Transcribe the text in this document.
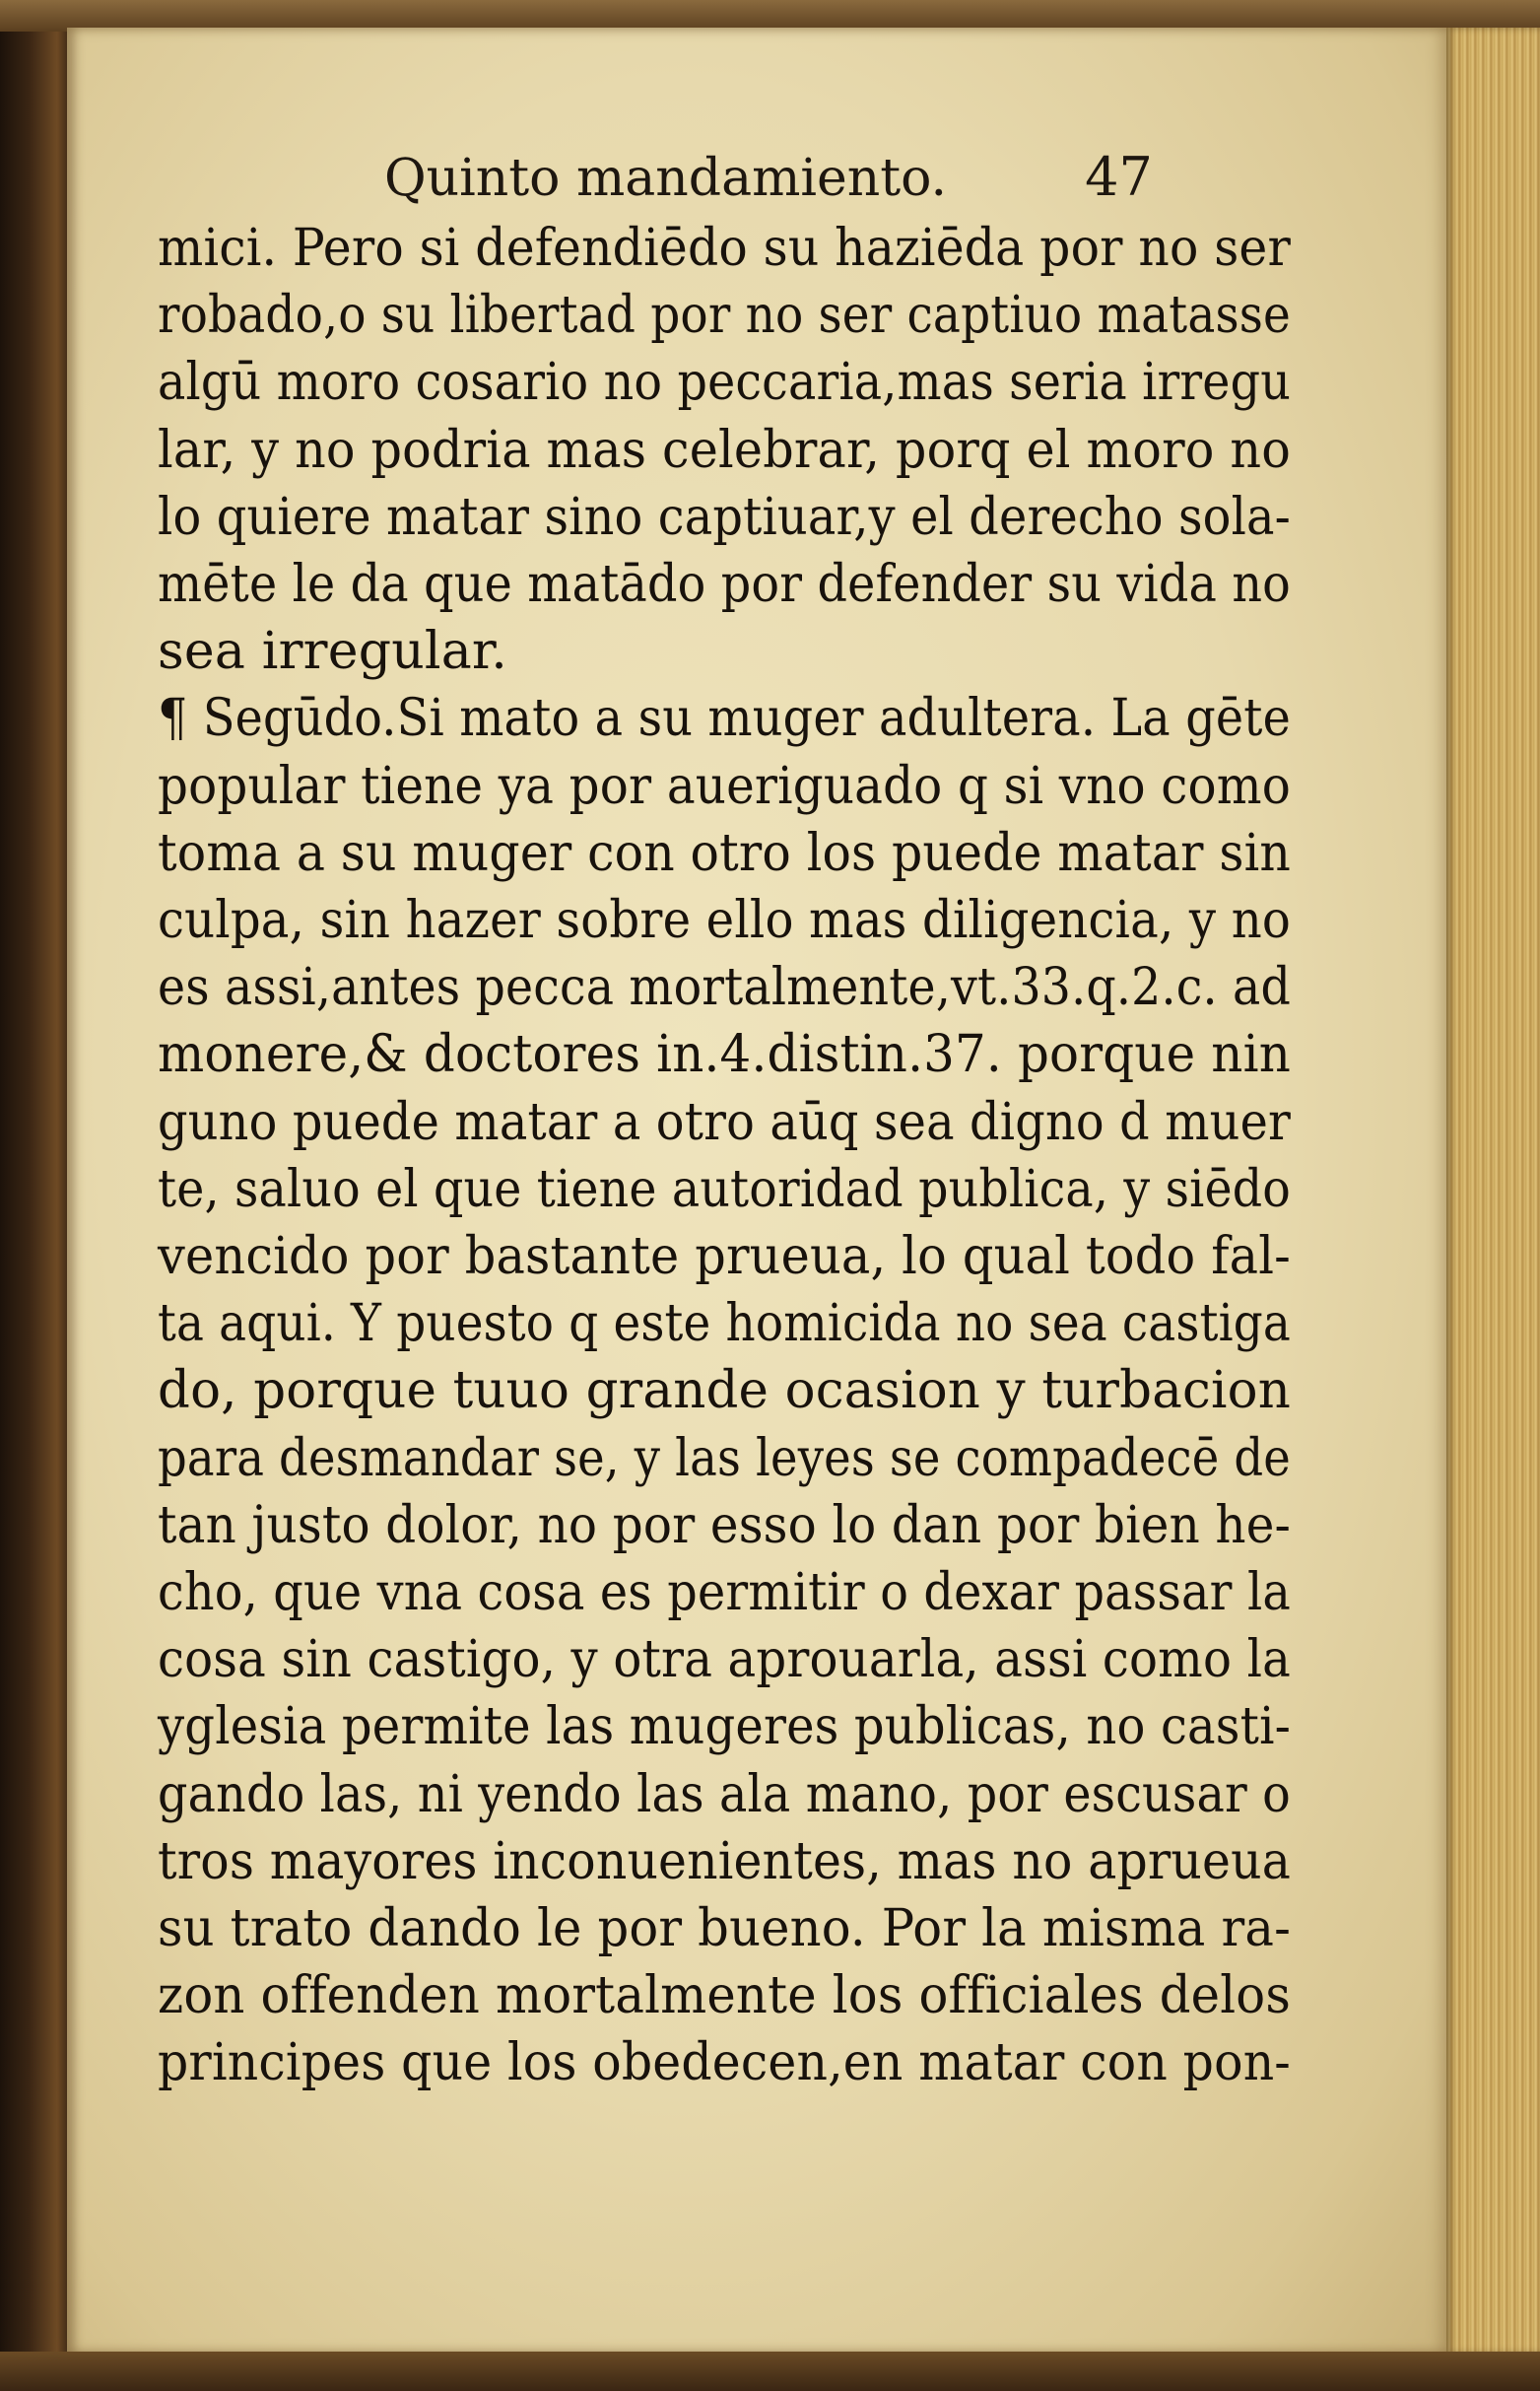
Quinto mandamiento.	47
mici. Pero si defendiēdo su haziēda por no ser
robado,o su libertad por no ser captiuo matasse
algū moro cosario no peccaria,mas seria irregu
lar, y no podria mas celebrar, porq el moro no
lo quiere matar sino captiuar,y el derecho sola-
mēte le da que matādo por defender su vida no
sea irregular.
¶ Segūdo.Si mato a su muger adultera. La gēte
popular tiene ya por aueriguado q si vno como
toma a su muger con otro los puede matar sin
culpa, sin hazer sobre ello mas diligencia, y no
es assi,antes pecca mortalmente,vt.33.q.2.c. ad
monere,& doctores in.4.distin.37. porque nin
guno puede matar a otro aūq sea digno d muer
te, saluo el que tiene autoridad publica, y siēdo
vencido por bastante prueua, lo qual todo fal-
ta aqui. Y puesto q este homicida no sea castiga
do, porque tuuo grande ocasion y turbacion
para desmandar se, y las leyes se compadecē de
tan justo dolor, no por esso lo dan por bien he-
cho, que vna cosa es permitir o dexar passar la
cosa sin castigo, y otra aprouarla, assi como la
yglesia permite las mugeres publicas, no casti-
gando las, ni yendo las ala mano, por escusar o
tros mayores inconuenientes, mas no aprueua
su trato dando le por bueno. Por la misma ra-
zon offenden mortalmente los officiales delos
principes que los obedecen,en matar con pon-
